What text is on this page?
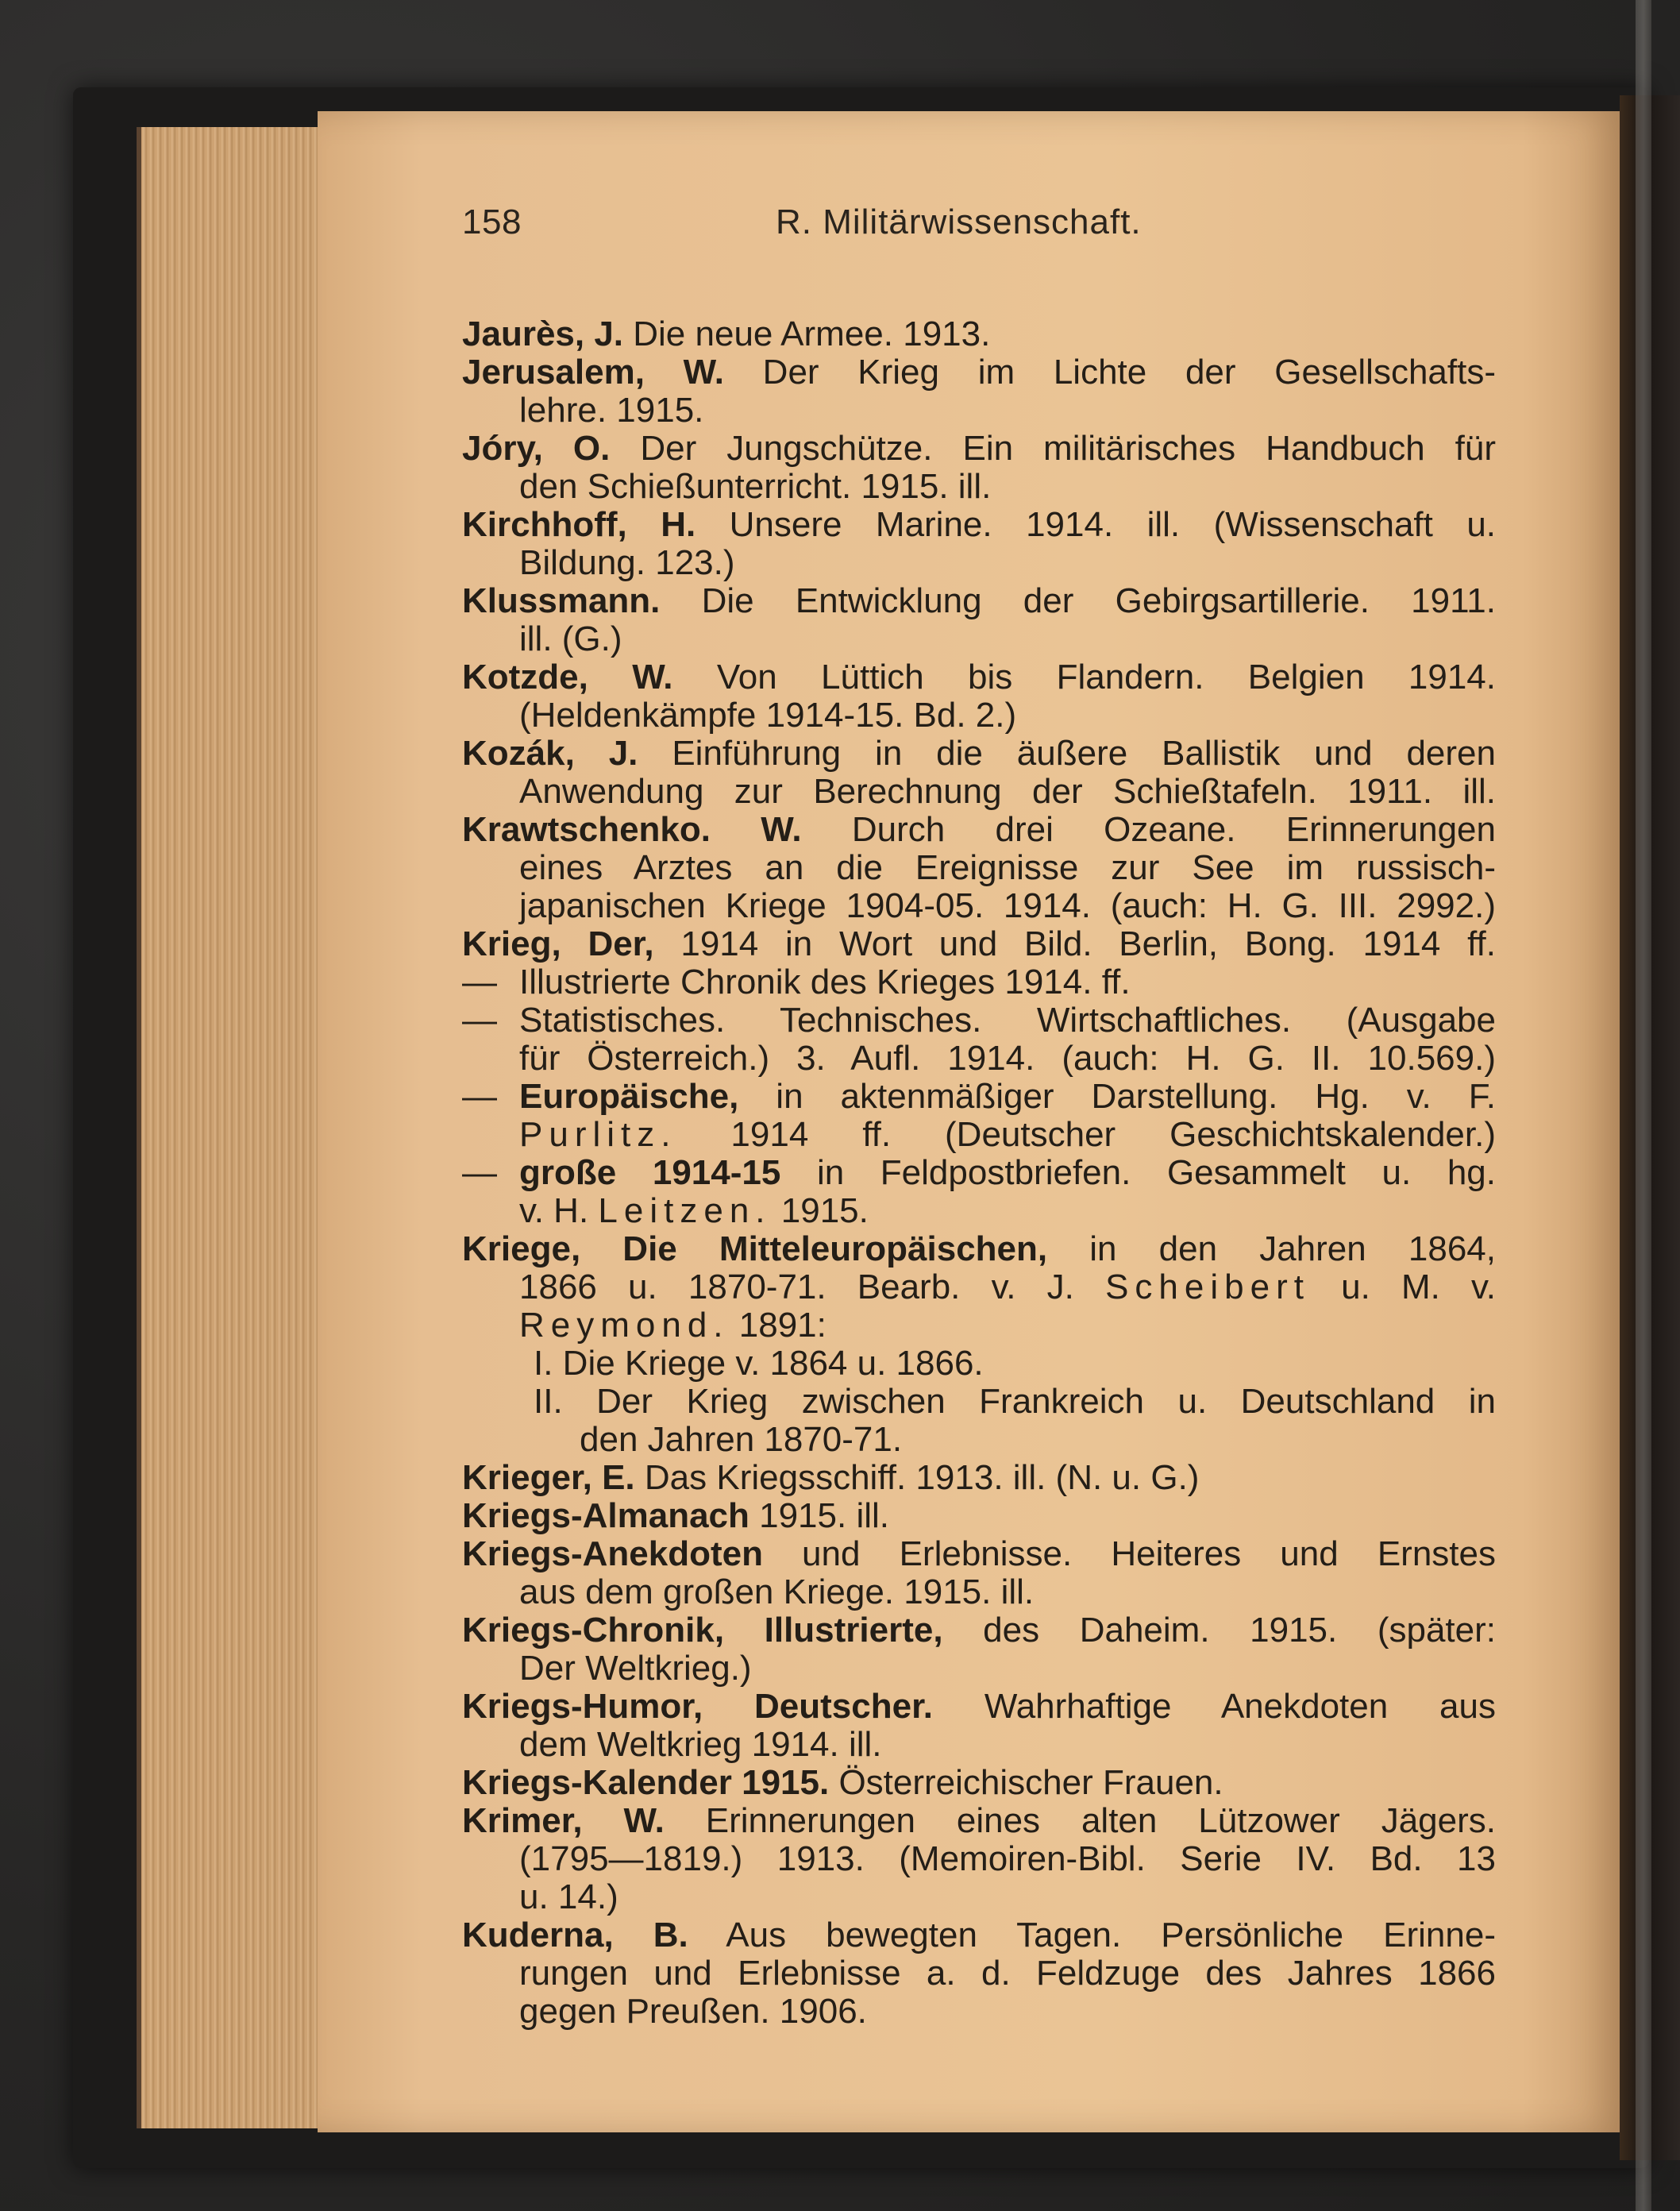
158	R. Militärwissenschaft.
Jaurès, J. Die neue Armee. 1913.
Jerusalem, W. Der Krieg im Lichte der Gesellschafts-
lehre. 1915.
Jóry, O. Der Jungschütze. Ein militärisches Handbuch für
den Schießunterricht. 1915. ill.
Kirchhoff, H. Unsere Marine. 1914. ill. (Wissenschaft u.
Bildung. 123.)
Klussmann. Die Entwicklung der Gebirgsartillerie. 1911.
ill. (G.)
Kotzde, W. Von Lüttich bis Flandern. Belgien 1914.
(Heldenkämpfe 1914-15. Bd. 2.)
Kozák, J. Einführung in die äußere Ballistik und deren
Anwendung zur Berechnung der Schießtafeln. 1911. ill.
Krawtschenko. W. Durch drei Ozeane. Erinnerungen
eines Arztes an die Ereignisse zur See im russisch-
japanischen Kriege 1904-05. 1914. (auch: H. G. III. 2992.)
Krieg, Der, 1914 in Wort und Bild. Berlin, Bong. 1914 ff.
— Illustrierte Chronik des Krieges 1914. ff.
— Statistisches. Technisches. Wirtschaftliches. (Ausgabe
für Österreich.) 3. Aufl. 1914. (auch: H. G. II. 10.569.)
— Europäische, in aktenmäßiger Darstellung. Hg. v. F.
Purlitz. 1914 ff. (Deutscher Geschichtskalender.)
— große 1914-15 in Feldpostbriefen. Gesammelt u. hg.
v. H. Leitzen. 1915.
Kriege, Die Mitteleuropäischen, in den Jahren 1864,
1866 u. 1870-71. Bearb. v. J. Scheibert u. M. v.
Reymond. 1891:
I. Die Kriege v. 1864 u. 1866.
II. Der Krieg zwischen Frankreich u. Deutschland in
den Jahren 1870-71.
Krieger, E. Das Kriegsschiff. 1913. ill. (N. u. G.)
Kriegs-Almanach 1915. ill.
Kriegs-Anekdoten und Erlebnisse. Heiteres und Ernstes
aus dem großen Kriege. 1915. ill.
Kriegs-Chronik, Illustrierte, des Daheim. 1915. (später:
Der Weltkrieg.)
Kriegs-Humor, Deutscher. Wahrhaftige Anekdoten aus
dem Weltkrieg 1914. ill.
Kriegs-Kalender 1915. Österreichischer Frauen.
Krimer, W. Erinnerungen eines alten Lützower Jägers.
(1795—1819.) 1913. (Memoiren-Bibl. Serie IV. Bd. 13
u. 14.)
Kuderna, B. Aus bewegten Tagen. Persönliche Erinne-
rungen und Erlebnisse a. d. Feldzuge des Jahres 1866
gegen Preußen. 1906.
